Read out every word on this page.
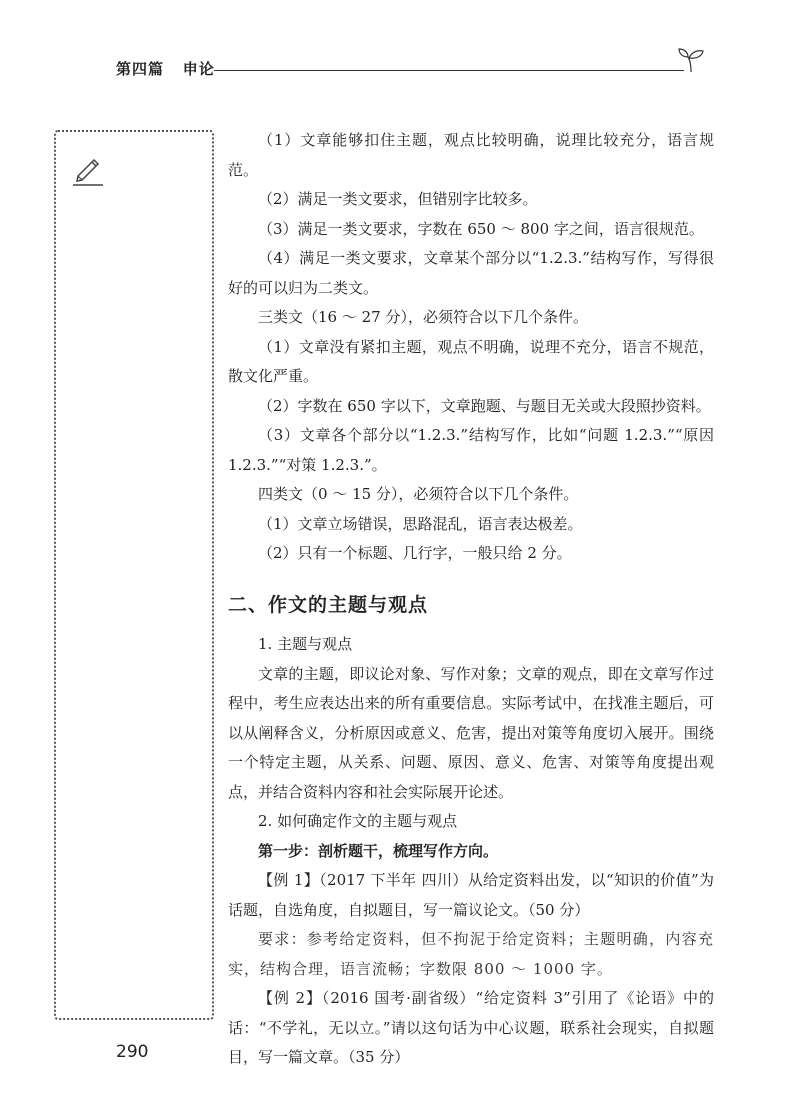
第四篇 申论

（1）文章能够扣住主题，观点比较明确，说理比较充分，语言规范。

（2）满足一类文要求，但错别字比较多。

（3）满足一类文要求，字数在 650 ～ 800 字之间，语言很规范。

（4）满足一类文要求，文章某个部分以“1.2.3.”结构写作，写得很好的可以归为二类文。

三类文（16 ～ 27 分），必须符合以下几个条件。

（1）文章没有紧扣主题，观点不明确，说理不充分，语言不规范，散文化严重。

（2）字数在 650 字以下，文章跑题、与题目无关或大段照抄资料。

（3）文章各个部分以“1.2.3.”结构写作，比如“问题 1.2.3.”“原因 1.2.3.”“对策 1.2.3.”。

四类文（0 ～ 15 分），必须符合以下几个条件。

（1）文章立场错误，思路混乱，语言表达极差。

（2）只有一个标题、几行字，一般只给 2 分。

二、作文的主题与观点

1. 主题与观点

文章的主题，即议论对象、写作对象；文章的观点，即在文章写作过程中，考生应表达出来的所有重要信息。实际考试中，在找准主题后，可以从阐释含义，分析原因或意义、危害，提出对策等角度切入展开。围绕一个特定主题，从关系、问题、原因、意义、危害、对策等角度提出观点，并结合资料内容和社会实际展开论述。

2. 如何确定作文的主题与观点

第一步：剖析题干，梳理写作方向。

【例 1】（2017 下半年 四川）从给定资料出发，以“知识的价值”为话题，自选角度，自拟题目，写一篇议论文。（50 分）

要求：参考给定资料，但不拘泥于给定资料；主题明确，内容充实，结构合理，语言流畅；字数限 800 ～ 1000 字。

【例 2】（2016 国考·副省级）“给定资料 3”引用了《论语》中的话：“不学礼，无以立。”请以这句话为中心议题，联系社会现实，自拟题目，写一篇文章。（35 分）

290
